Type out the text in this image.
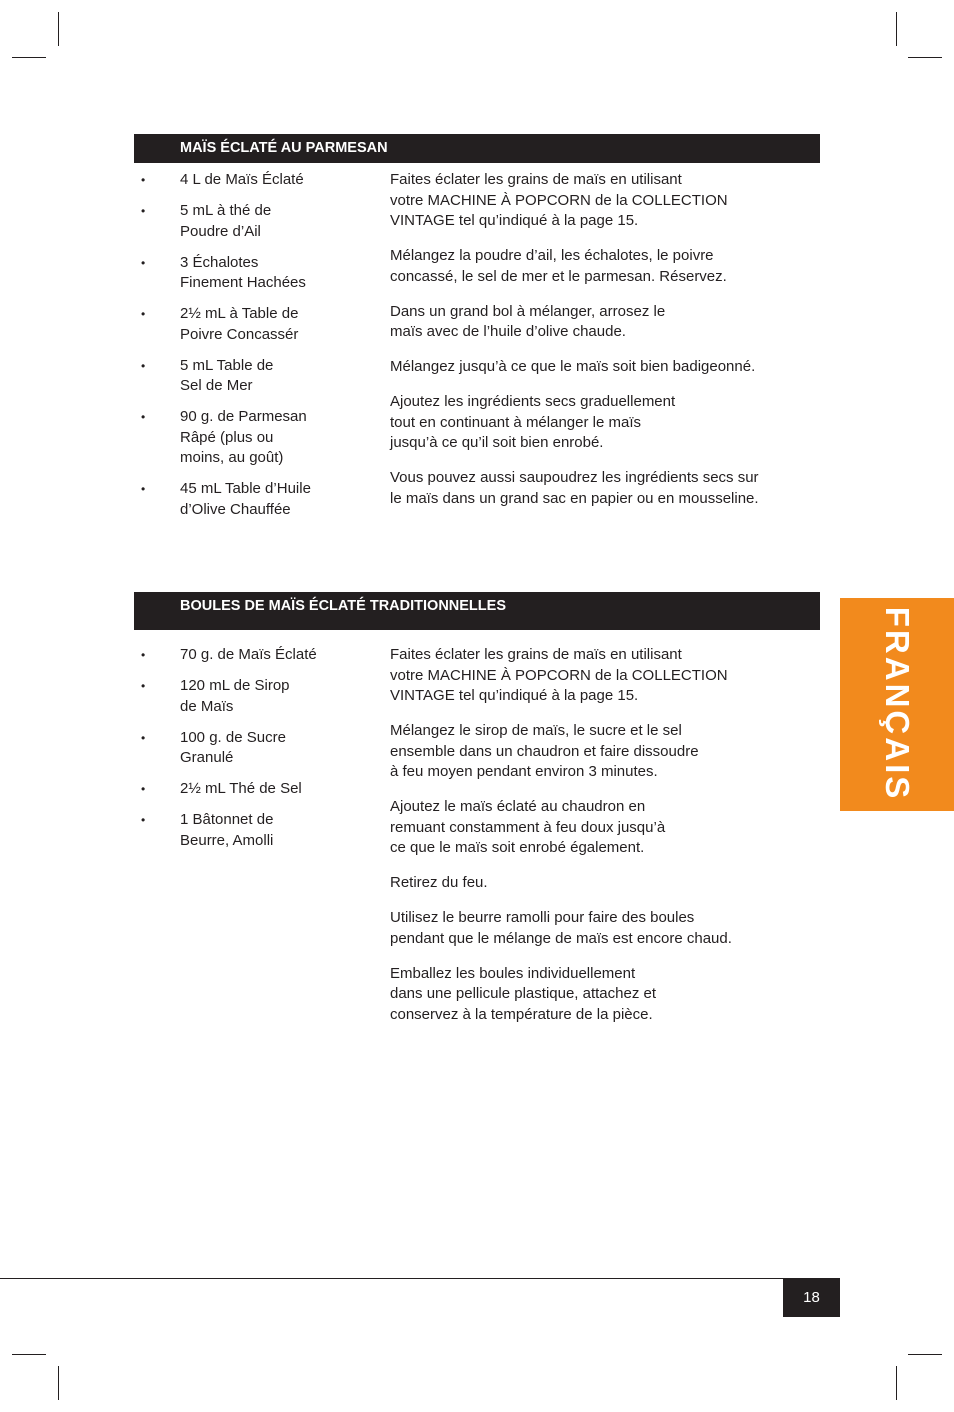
MAÏS ÉCLATÉ AU PARMESAN
• 4 L de Maïs Éclaté
• 5 mL à thé de
Poudre d’Ail
• 3 Échalotes
Finement Hachées
• 2½ mL à Table de
Poivre Concassér
• 5 mL Table de
Sel de Mer
• 90 g. de Parmesan
Râpé (plus ou
moins, au goût)
• 45 mL Table d’Huile
d’Olive Chauffée

Faites éclater les grains de maïs en utilisant
votre MACHINE À POPCORN de la COLLECTION
VINTAGE tel qu’indiqué à la page 15.

Mélangez la poudre d’ail, les échalotes, le poivre
concassé, le sel de mer et le parmesan. Réservez.

Dans un grand bol à mélanger, arrosez le
maïs avec de l’huile d’olive chaude.

Mélangez jusqu’à ce que le maïs soit bien badigeonné.

Ajoutez les ingrédients secs graduellement
tout en continuant à mélanger le maïs
jusqu’à ce qu’il soit bien enrobé.

Vous pouvez aussi saupoudrez les ingrédients secs sur
le maïs dans un grand sac en papier ou en mousseline.

BOULES DE MAÏS ÉCLATÉ TRADITIONNELLES
• 70 g. de Maïs Éclaté
• 120 mL de Sirop
de Maïs
• 100 g. de Sucre
Granulé
• 2½ mL Thé de Sel
• 1 Bâtonnet de
Beurre, Amolli

Faites éclater les grains de maïs en utilisant
votre MACHINE À POPCORN de la COLLECTION
VINTAGE tel qu’indiqué à la page 15.

Mélangez le sirop de maïs, le sucre et le sel
ensemble dans un chaudron et faire dissoudre
à feu moyen pendant environ 3 minutes.

Ajoutez le maïs éclaté au chaudron en
remuant constamment à feu doux jusqu’à
ce que le maïs soit enrobé également.

Retirez du feu.

Utilisez le beurre ramolli pour faire des boules
pendant que le mélange de maïs est encore chaud.

Emballez les boules individuellement
dans une pellicule plastique, attachez et
conservez à la température de la pièce.

FRANÇAIS
18
